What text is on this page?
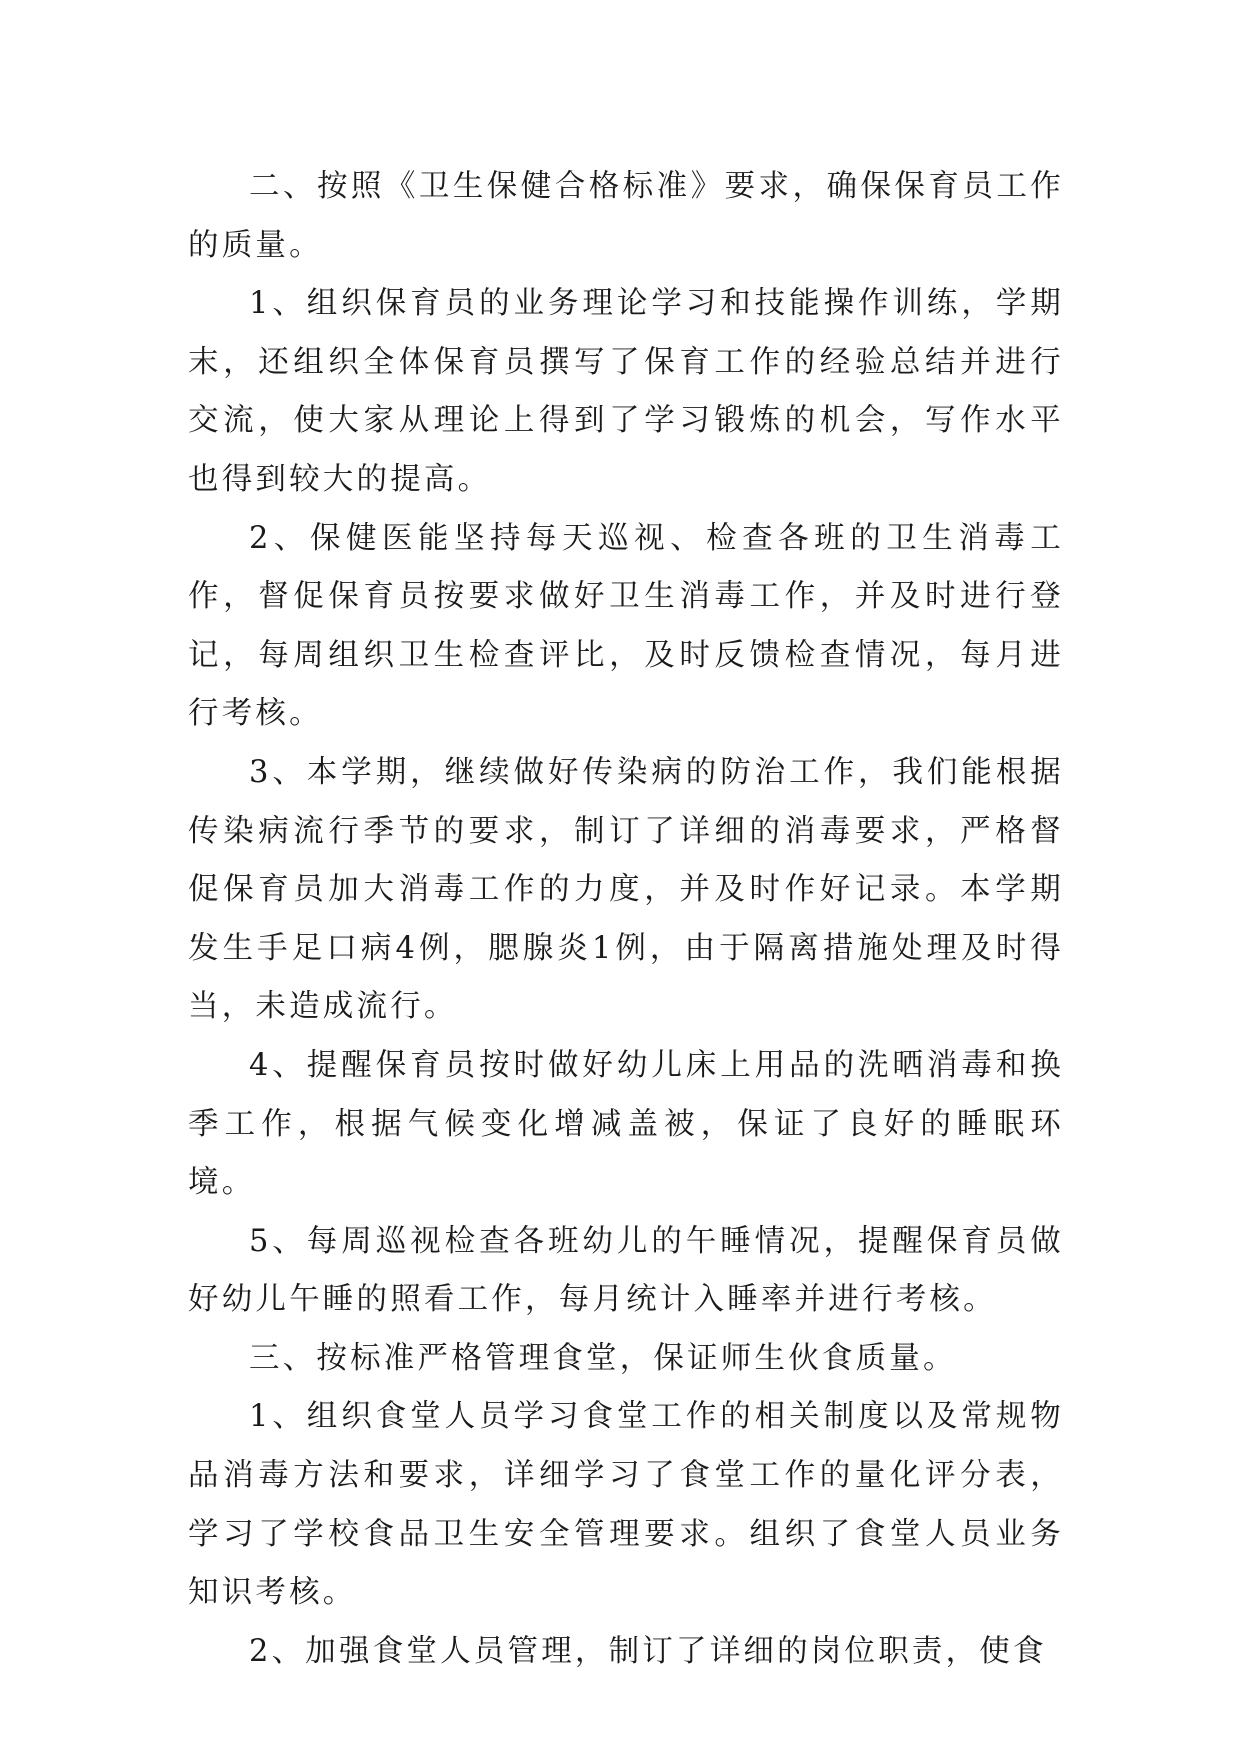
二、按照《卫生保健合格标准》要求，确保保育员工作的质量。

1、组织保育员的业务理论学习和技能操作训练，学期末，还组织全体保育员撰写了保育工作的经验总结并进行交流，使大家从理论上得到了学习锻炼的机会，写作水平也得到较大的提高。

2、保健医能坚持每天巡视、检查各班的卫生消毒工作，督促保育员按要求做好卫生消毒工作，并及时进行登记，每周组织卫生检查评比，及时反馈检查情况，每月进行考核。

3、本学期，继续做好传染病的防治工作，我们能根据传染病流行季节的要求，制订了详细的消毒要求，严格督促保育员加大消毒工作的力度，并及时作好记录。本学期发生手足口病4例，腮腺炎1例，由于隔离措施处理及时得当，未造成流行。

4、提醒保育员按时做好幼儿床上用品的洗晒消毒和换季工作，根据气候变化增减盖被，保证了良好的睡眠环境。

5、每周巡视检查各班幼儿的午睡情况，提醒保育员做好幼儿午睡的照看工作，每月统计入睡率并进行考核。

三、按标准严格管理食堂，保证师生伙食质量。

1、组织食堂人员学习食堂工作的相关制度以及常规物品消毒方法和要求，详细学习了食堂工作的量化评分表，学习了学校食品卫生安全管理要求。组织了食堂人员业务知识考核。

2、加强食堂人员管理，制订了详细的岗位职责，使食
